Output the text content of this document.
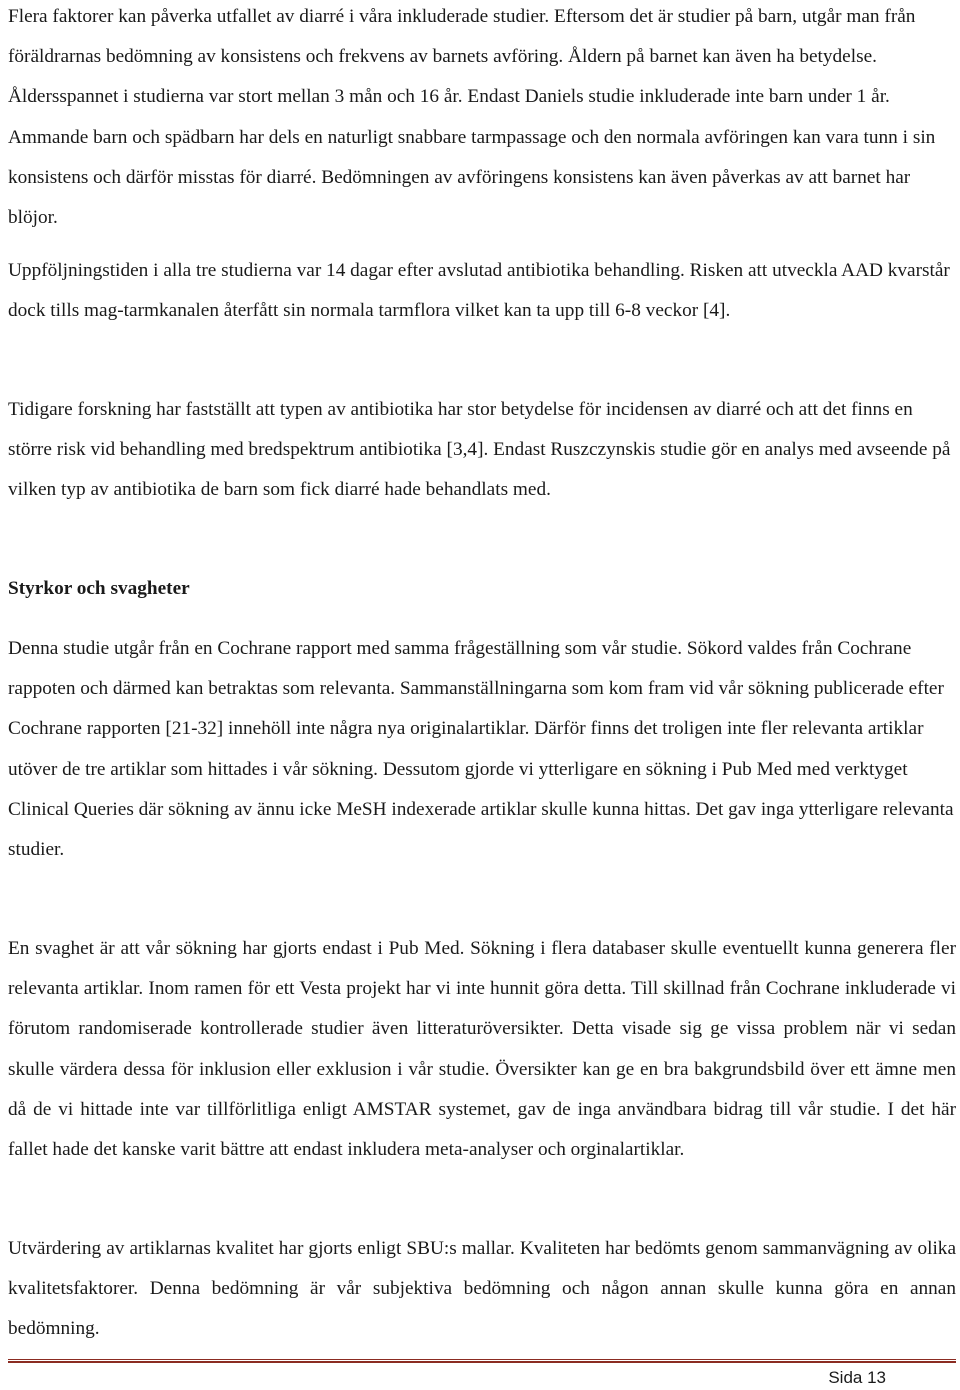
Flera faktorer kan påverka utfallet av diarré i våra inkluderade studier. Eftersom det är studier på barn, utgår man från föräldrarnas bedömning av konsistens och frekvens av barnets avföring. Åldern på barnet kan även ha betydelse. Åldersspannet i studierna var stort mellan 3 mån och 16 år. Endast Daniels studie inkluderade inte barn under 1 år. Ammande barn och spädbarn har dels en naturligt snabbare tarmpassage och den normala avföringen kan vara tunn i sin konsistens och därför misstas för diarré. Bedömningen av avföringens konsistens kan även påverkas av att barnet har blöjor.

Uppföljningstiden i alla tre studierna var 14 dagar efter avslutad antibiotika behandling. Risken att utveckla AAD kvarstår dock tills mag-tarmkanalen återfått sin normala tarmflora vilket kan ta upp till 6-8 veckor [4].

Tidigare forskning har fastställt att typen av antibiotika har stor betydelse för incidensen av diarré och att det finns en större risk vid behandling med bredspektrum antibiotika [3,4]. Endast Ruszczynskis studie gör en analys med avseende på vilken typ av antibiotika de barn som fick diarré hade behandlats med.

Styrkor och svagheter

Denna studie utgår från en Cochrane rapport med samma frågeställning som vår studie. Sökord valdes från Cochrane rappoten och därmed kan betraktas som relevanta. Sammanställningarna som kom fram vid vår sökning publicerade efter Cochrane rapporten [21-32] innehöll inte några nya originalartiklar. Därför finns det troligen inte fler relevanta artiklar utöver de tre artiklar som hittades i vår sökning. Dessutom gjorde vi ytterligare en sökning i Pub Med med verktyget Clinical Queries där sökning av ännu icke MeSH indexerade artiklar skulle kunna hittas. Det gav inga ytterligare relevanta studier.

En svaghet är att vår sökning har gjorts endast i Pub Med. Sökning i flera databaser skulle eventuellt kunna generera fler relevanta artiklar. Inom ramen för ett Vesta projekt har vi inte hunnit göra detta. Till skillnad från Cochrane inkluderade vi förutom randomiserade kontrollerade studier även litteraturöversikter. Detta visade sig ge vissa problem när vi sedan skulle värdera dessa för inklusion eller exklusion i vår studie. Översikter kan ge en bra bakgrundsbild över ett ämne men då de vi hittade inte var tillförlitliga enligt AMSTAR systemet, gav de inga användbara bidrag till vår studie. I det här fallet hade det kanske varit bättre att endast inkludera meta-analyser och orginalartiklar.

Utvärdering av artiklarnas kvalitet har gjorts enligt SBU:s mallar. Kvaliteten har bedömts genom sammanvägning av olika kvalitetsfaktorer. Denna bedömning är vår subjektiva bedömning och någon annan skulle kunna göra en annan bedömning.

Sida 13
